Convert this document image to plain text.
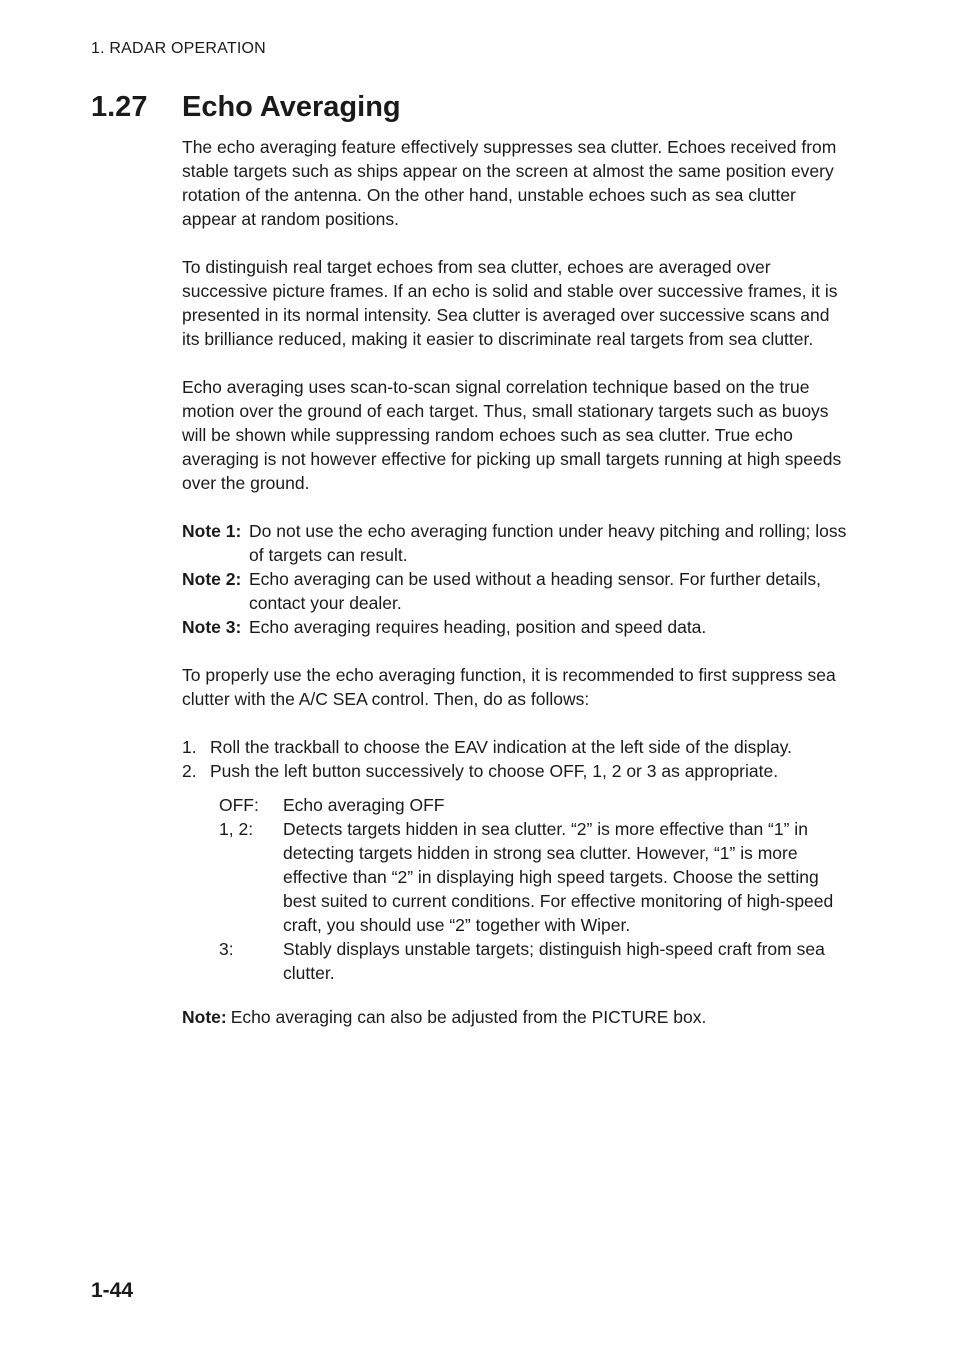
1. RADAR OPERATION
1.27 Echo Averaging

The echo averaging feature effectively suppresses sea clutter. Echoes received from stable targets such as ships appear on the screen at almost the same position every rotation of the antenna. On the other hand, unstable echoes such as sea clutter appear at random positions.

To distinguish real target echoes from sea clutter, echoes are averaged over successive picture frames. If an echo is solid and stable over successive frames, it is presented in its normal intensity. Sea clutter is averaged over successive scans and its brilliance reduced, making it easier to discriminate real targets from sea clutter.

Echo averaging uses scan-to-scan signal correlation technique based on the true motion over the ground of each target. Thus, small stationary targets such as buoys will be shown while suppressing random echoes such as sea clutter. True echo averaging is not however effective for picking up small targets running at high speeds over the ground.

Note 1: Do not use the echo averaging function under heavy pitching and rolling; loss of targets can result.
Note 2: Echo averaging can be used without a heading sensor. For further details, contact your dealer.
Note 3: Echo averaging requires heading, position and speed data.

To properly use the echo averaging function, it is recommended to first suppress sea clutter with the A/C SEA control. Then, do as follows:

1. Roll the trackball to choose the EAV indication at the left side of the display.
2. Push the left button successively to choose OFF, 1, 2 or 3 as appropriate.
OFF:	Echo averaging OFF
1, 2:	Detects targets hidden in sea clutter. “2” is more effective than “1” in detecting targets hidden in strong sea clutter. However, “1” is more effective than “2” in displaying high speed targets. Choose the setting best suited to current conditions. For effective monitoring of high-speed craft, you should use “2” together with Wiper.
3:	Stably displays unstable targets; distinguish high-speed craft from sea clutter.
Note: Echo averaging can also be adjusted from the PICTURE box.
1-44
